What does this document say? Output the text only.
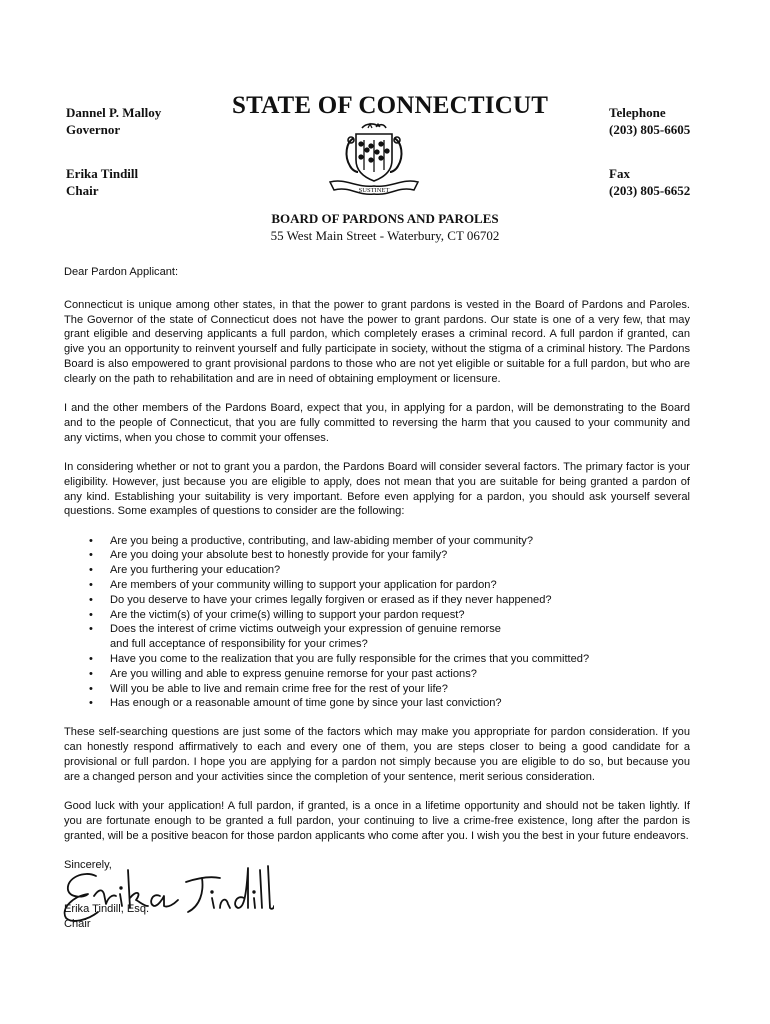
Dannel P. Malloy
Governor
Erika Tindill
Chair
STATE OF CONNECTICUT
SUSTINET
Telephone
(203) 805-6605
Fax
(203) 805-6652
BOARD OF PARDONS AND PAROLES
55 West Main Street - Waterbury, CT 06702

Dear Pardon Applicant:

Connecticut is unique among other states, in that the power to grant pardons is vested in the Board of Pardons and Paroles. The Governor of the state of Connecticut does not have the power to grant pardons. Our state is one of a very few, that may grant eligible and deserving applicants a full pardon, which completely erases a criminal record. A full pardon if granted, can give you an opportunity to reinvent yourself and fully participate in society, without the stigma of a criminal history. The Pardons Board is also empowered to grant provisional pardons to those who are not yet eligible or suitable for a full pardon, but who are clearly on the path to rehabilitation and are in need of obtaining employment or licensure.

I and the other members of the Pardons Board, expect that you, in applying for a pardon, will be demonstrating to the Board and to the people of Connecticut, that you are fully committed to reversing the harm that you caused to your community and any victims, when you chose to commit your offenses.

In considering whether or not to grant you a pardon, the Pardons Board will consider several factors. The primary factor is your eligibility. However, just because you are eligible to apply, does not mean that you are suitable for being granted a pardon of any kind. Establishing your suitability is very important. Before even applying for a pardon, you should ask yourself several questions. Some examples of questions to consider are the following:

• Are you being a productive, contributing, and law-abiding member of your community?
• Are you doing your absolute best to honestly provide for your family?
• Are you furthering your education?
• Are members of your community willing to support your application for pardon?
• Do you deserve to have your crimes legally forgiven or erased as if they never happened?
• Are the victim(s) of your crime(s) willing to support your pardon request?
• Does the interest of crime victims outweigh your expression of genuine remorse
and full acceptance of responsibility for your crimes?
• Have you come to the realization that you are fully responsible for the crimes that you committed?
• Are you willing and able to express genuine remorse for your past actions?
• Will you be able to live and remain crime free for the rest of your life?
• Has enough or a reasonable amount of time gone by since your last conviction?

These self-searching questions are just some of the factors which may make you appropriate for pardon consideration. If you can honestly respond affirmatively to each and every one of them, you are steps closer to being a good candidate for a provisional or full pardon. I hope you are applying for a pardon not simply because you are eligible to do so, but because you are a changed person and your activities since the completion of your sentence, merit serious consideration.

Good luck with your application! A full pardon, if granted, is a once in a lifetime opportunity and should not be taken lightly. If you are fortunate enough to be granted a full pardon, your continuing to live a crime-free existence, long after the pardon is granted, will be a positive beacon for those pardon applicants who come after you. I wish you the best in your future endeavors.

Sincerely,
Erika Tindill, Esq.
Chair
